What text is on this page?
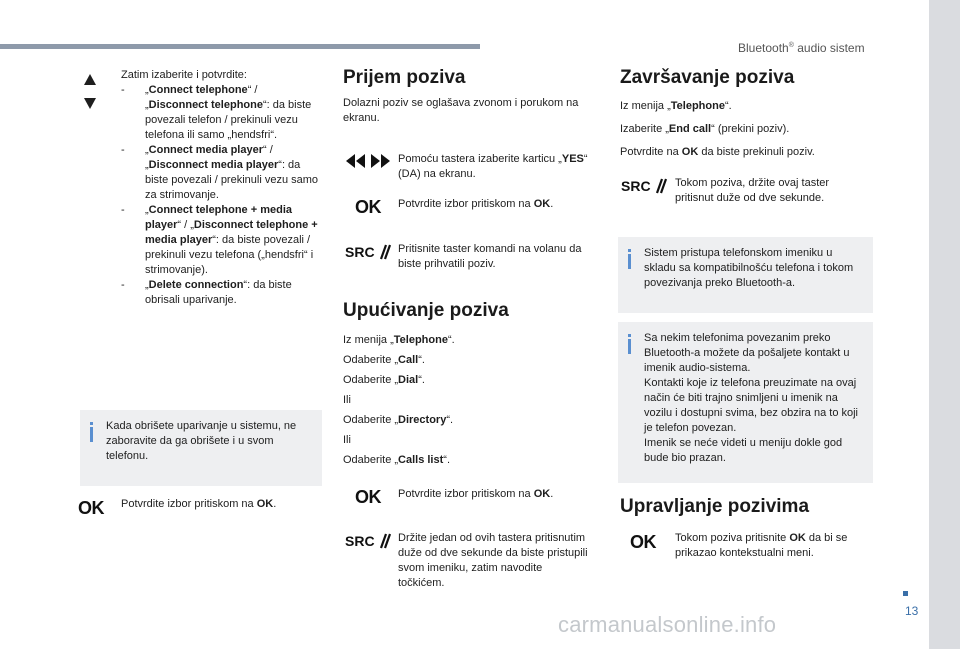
Bluetooth® audio sistem
13
carmanualsonline.info

Zatim izaberite i potvrdite:

- „Connect telephone“ / „Disconnect telephone“: da biste povezali telefon / prekinuli vezu telefona ili samo „hendsfri“.
- „Connect media player“ / „Disconnect media player“: da biste povezali / prekinuli vezu samo za strimovanje.
- „Connect telephone + media player“ / „Disconnect telephone + media player“: da biste povezali / prekinuli vezu telefona („hendsfri“ i strimovanje).
- „Delete connection“: da biste obrisali uparivanje.

Kada obrišete uparivanje u sistemu, ne zaboravite da ga obrišete i u svom telefonu.

OK Potvrdite izbor pritiskom na OK.

Prijem poziva

Dolazni poziv se oglašava zvonom i porukom na ekranu.

Pomoću tastera izaberite karticu „YES“ (DA) na ekranu.

OK Potvrdite izbor pritiskom na OK.

SRC Pritisnite taster komandi na volanu da biste prihvatili poziv.

Upućivanje poziva

Iz menija „Telephone“.

Odaberite „Call“.

Odaberite „Dial“.

Ili

Odaberite „Directory“.

Ili

Odaberite „Calls list“.

OK Potvrdite izbor pritiskom na OK.

SRC Držite jedan od ovih tastera pritisnutim duže od dve sekunde da biste pristupili svom imeniku, zatim navodite točkićem.

Završavanje poziva

Iz menija „Telephone“.

Izaberite „End call“ (prekini poziv).

Potvrdite na OK da biste prekinuli poziv.

SRC Tokom poziva, držite ovaj taster pritisnut duže od dve sekunde.

Sistem pristupa telefonskom imeniku u skladu sa kompatibilnošću telefona i tokom povezivanja preko Bluetooth-a.

Sa nekim telefonima povezanim preko Bluetooth-a možete da pošaljete kontakt u imenik audio-sistema.
Kontakti koje iz telefona preuzimate na ovaj način će biti trajno snimljeni u imenik na vozilu i dostupni svima, bez obzira na to koji je telefon povezan.
Imenik se neće videti u meniju dokle god bude bio prazan.

Upravljanje pozivima
OK Tokom poziva pritisnite OK da bi se prikazao kontekstualni meni.
